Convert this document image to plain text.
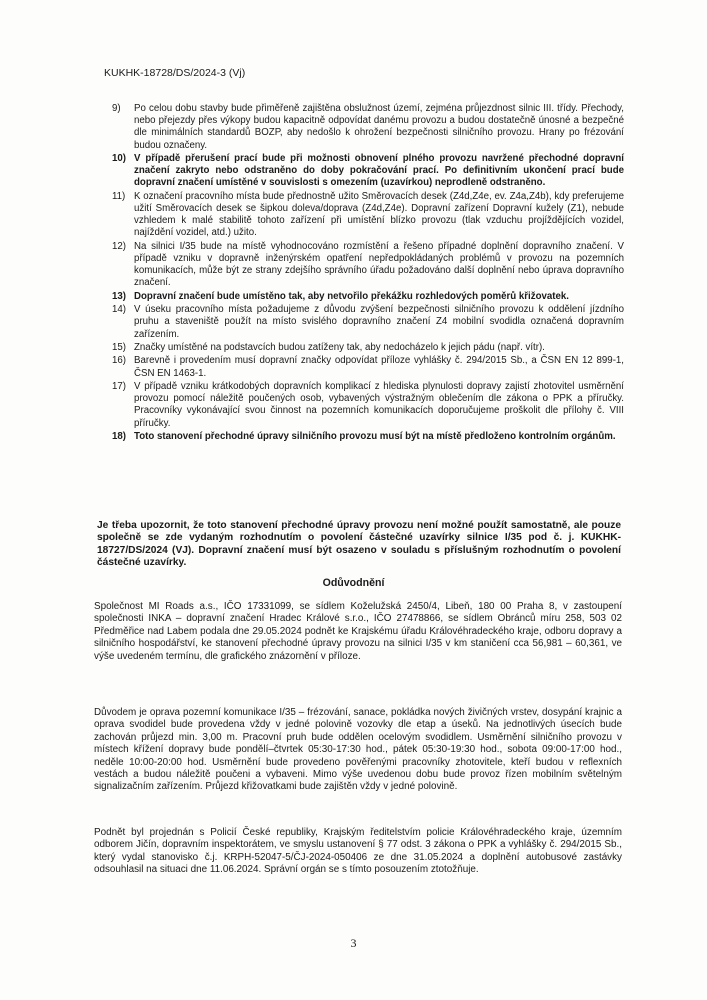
KUKHK-18728/DS/2024-3 (Vj)
9)	Po celou dobu stavby bude přiměřeně zajištěna obslužnost území, zejména průjezdnost silnic III. třídy. Přechody, nebo přejezdy přes výkopy budou kapacitně odpovídat danému provozu a budou dostatečně únosné a bezpečné dle minimálních standardů BOZP, aby nedošlo k ohrožení bezpečnosti silničního provozu. Hrany po frézování budou označeny.
10) V případě přerušení prací bude při možnosti obnovení plného provozu navržené přechodné dopravní značení zakryto nebo odstraněno do doby pokračování prací. Po definitivním ukončení prací bude dopravní značení umístěné v souvislosti s omezením (uzavírkou) neprodleně odstraněno.
11) K označení pracovního místa bude přednostně užito Směrovacích desek (Z4d,Z4e, ev. Z4a,Z4b), kdy preferujeme užití Směrovacích desek se šipkou doleva/doprava (Z4d,Z4e). Dopravní zařízení Dopravní kužely (Z1), nebude vzhledem k malé stabilitě tohoto zařízení při umístění blízko provozu (tlak vzduchu projíždějících vozidel, najíždění vozidel, atd.) užito.
12) Na silnici I/35 bude na místě vyhodnocováno rozmístění a řešeno případné doplnění dopravního značení. V případě vzniku v dopravně inženýrském opatření nepředpokládaných problémů v provozu na pozemních komunikacích, může být ze strany zdejšího správního úřadu požadováno další doplnění nebo úprava dopravního značení.
13) Dopravní značení bude umístěno tak, aby netvořilo překážku rozhledových poměrů křižovatek.
14) V úseku pracovního místa požadujeme z důvodu zvýšení bezpečnosti silničního provozu k oddělení jízdního pruhu a staveniště použít na místo svislého dopravního značení Z4 mobilní svodidla označená dopravním zařízením.
15) Značky umístěné na podstavcích budou zatíženy tak, aby nedocházelo k jejich pádu (např. vítr).
16) Barevně i provedením musí dopravní značky odpovídat příloze vyhlášky č. 294/2015 Sb., a ČSN EN 12 899-1, ČSN EN 1463-1.
17) V případě vzniku krátkodobých dopravních komplikací z hlediska plynulosti dopravy zajistí zhotovitel usměrnění provozu pomocí náležitě poučených osob, vybavených výstražným oblečením dle zákona o PPK a příručky. Pracovníky vykonávající svou činnost na pozemních komunikacích doporučujeme proškolit dle přílohy č. VIII příručky.
18) Toto stanovení přechodné úpravy silničního provozu musí být na místě předloženo kontrolním orgánům.

Je třeba upozornit, že toto stanovení přechodné úpravy provozu není možné použít samostatně, ale pouze společně se zde vydaným rozhodnutím o povolení částečné uzavírky silnice I/35 pod č. j. KUKHK-18727/DS/2024 (VJ). Dopravní značení musí být osazeno v souladu s příslušným rozhodnutím o povolení částečné uzavírky.

Odůvodnění

Společnost MI Roads a.s., IČO 17331099, se sídlem Koželužská 2450/4, Libeň, 180 00 Praha 8, v zastoupení společnosti INKA – dopravní značení Hradec Králové s.r.o., IČO 27478866, se sídlem Obránců míru 258, 503 02 Předměřice nad Labem podala dne 29.05.2024 podnět ke Krajskému úřadu Královéhradeckého kraje, odboru dopravy a silničního hospodářství, ke stanovení přechodné úpravy provozu na silnici I/35 v km staničení cca 56,981 – 60,361, ve výše uvedeném termínu, dle grafického znázornění v příloze.

Důvodem je oprava pozemní komunikace I/35 – frézování, sanace, pokládka nových živičných vrstev, dosypání krajnic a oprava svodidel bude provedena vždy v jedné polovině vozovky dle etap a úseků. Na jednotlivých úsecích bude zachován průjezd min. 3,00 m. Pracovní pruh bude oddělen ocelovým svodidlem. Usměrnění silničního provozu v místech křížení dopravy bude pondělí–čtvrtek 05:30-17:30 hod., pátek 05:30-19:30 hod., sobota 09:00-17:00 hod., neděle 10:00-20:00 hod. Usměrnění bude provedeno pověřenými pracovníky zhotovitele, kteří budou v reflexních vestách a budou náležitě poučeni a vybaveni. Mimo výše uvedenou dobu bude provoz řízen mobilním světelným signalizačním zařízením. Průjezd křižovatkami bude zajištěn vždy v jedné polovině.

Podnět byl projednán s Policií České republiky, Krajským ředitelstvím policie Královéhradeckého kraje, územním odborem Jičín, dopravním inspektorátem, ve smyslu ustanovení § 77 odst. 3 zákona o PPK a vyhlášky č. 294/2015 Sb., který vydal stanovisko č.j. KRPH-52047-5/ČJ-2024-050406 ze dne 31.05.2024 a doplnění autobusové zastávky odsouhlasil na situaci dne 11.06.2024. Správní orgán se s tímto posouzením ztotožňuje.

3
